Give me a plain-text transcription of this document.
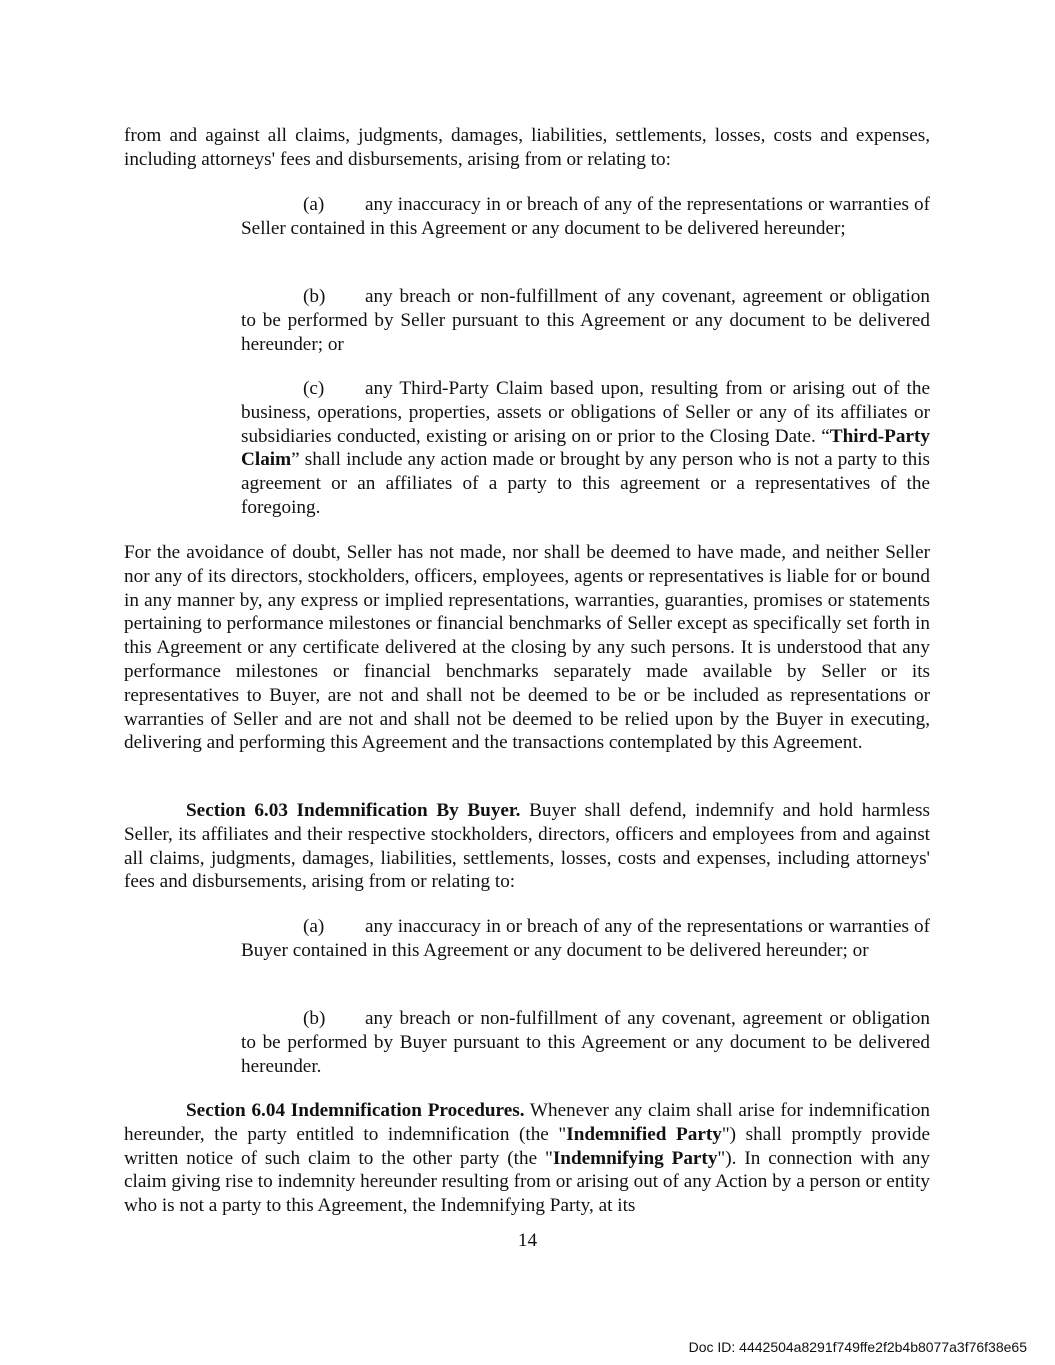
from and against all claims, judgments, damages, liabilities, settlements, losses, costs and expenses, including attorneys' fees and disbursements, arising from or relating to:

(a) any inaccuracy in or breach of any of the representations or warranties of Seller contained in this Agreement or any document to be delivered hereunder;

(b) any breach or non-fulfillment of any covenant, agreement or obligation to be performed by Seller pursuant to this Agreement or any document to be delivered hereunder; or

(c) any Third-Party Claim based upon, resulting from or arising out of the business, operations, properties, assets or obligations of Seller or any of its affiliates or subsidiaries conducted, existing or arising on or prior to the Closing Date. “Third-Party Claim” shall include any action made or brought by any person who is not a party to this agreement or an affiliates of a party to this agreement or a representatives of the foregoing.

For the avoidance of doubt, Seller has not made, nor shall be deemed to have made, and neither Seller nor any of its directors, stockholders, officers, employees, agents or representatives is liable for or bound in any manner by, any express or implied representations, warranties, guaranties, promises or statements pertaining to performance milestones or financial benchmarks of Seller except as specifically set forth in this Agreement or any certificate delivered at the closing by any such persons. It is understood that any performance milestones or financial benchmarks separately made available by Seller or its representatives to Buyer, are not and shall not be deemed to be or be included as representations or warranties of Seller and are not and shall not be deemed to be relied upon by the Buyer in executing, delivering and performing this Agreement and the transactions contemplated by this Agreement.

Section 6.03 Indemnification By Buyer. Buyer shall defend, indemnify and hold harmless Seller, its affiliates and their respective stockholders, directors, officers and employees from and against all claims, judgments, damages, liabilities, settlements, losses, costs and expenses, including attorneys' fees and disbursements, arising from or relating to:

(a) any inaccuracy in or breach of any of the representations or warranties of Buyer contained in this Agreement or any document to be delivered hereunder; or

(b) any breach or non-fulfillment of any covenant, agreement or obligation to be performed by Buyer pursuant to this Agreement or any document to be delivered hereunder.

Section 6.04 Indemnification Procedures. Whenever any claim shall arise for indemnification hereunder, the party entitled to indemnification (the "Indemnified Party") shall promptly provide written notice of such claim to the other party (the "Indemnifying Party"). In connection with any claim giving rise to indemnity hereunder resulting from or arising out of any Action by a person or entity who is not a party to this Agreement, the Indemnifying Party, at its

14
Doc ID: 4442504a8291f749ffe2f2b4b8077a3f76f38e65
